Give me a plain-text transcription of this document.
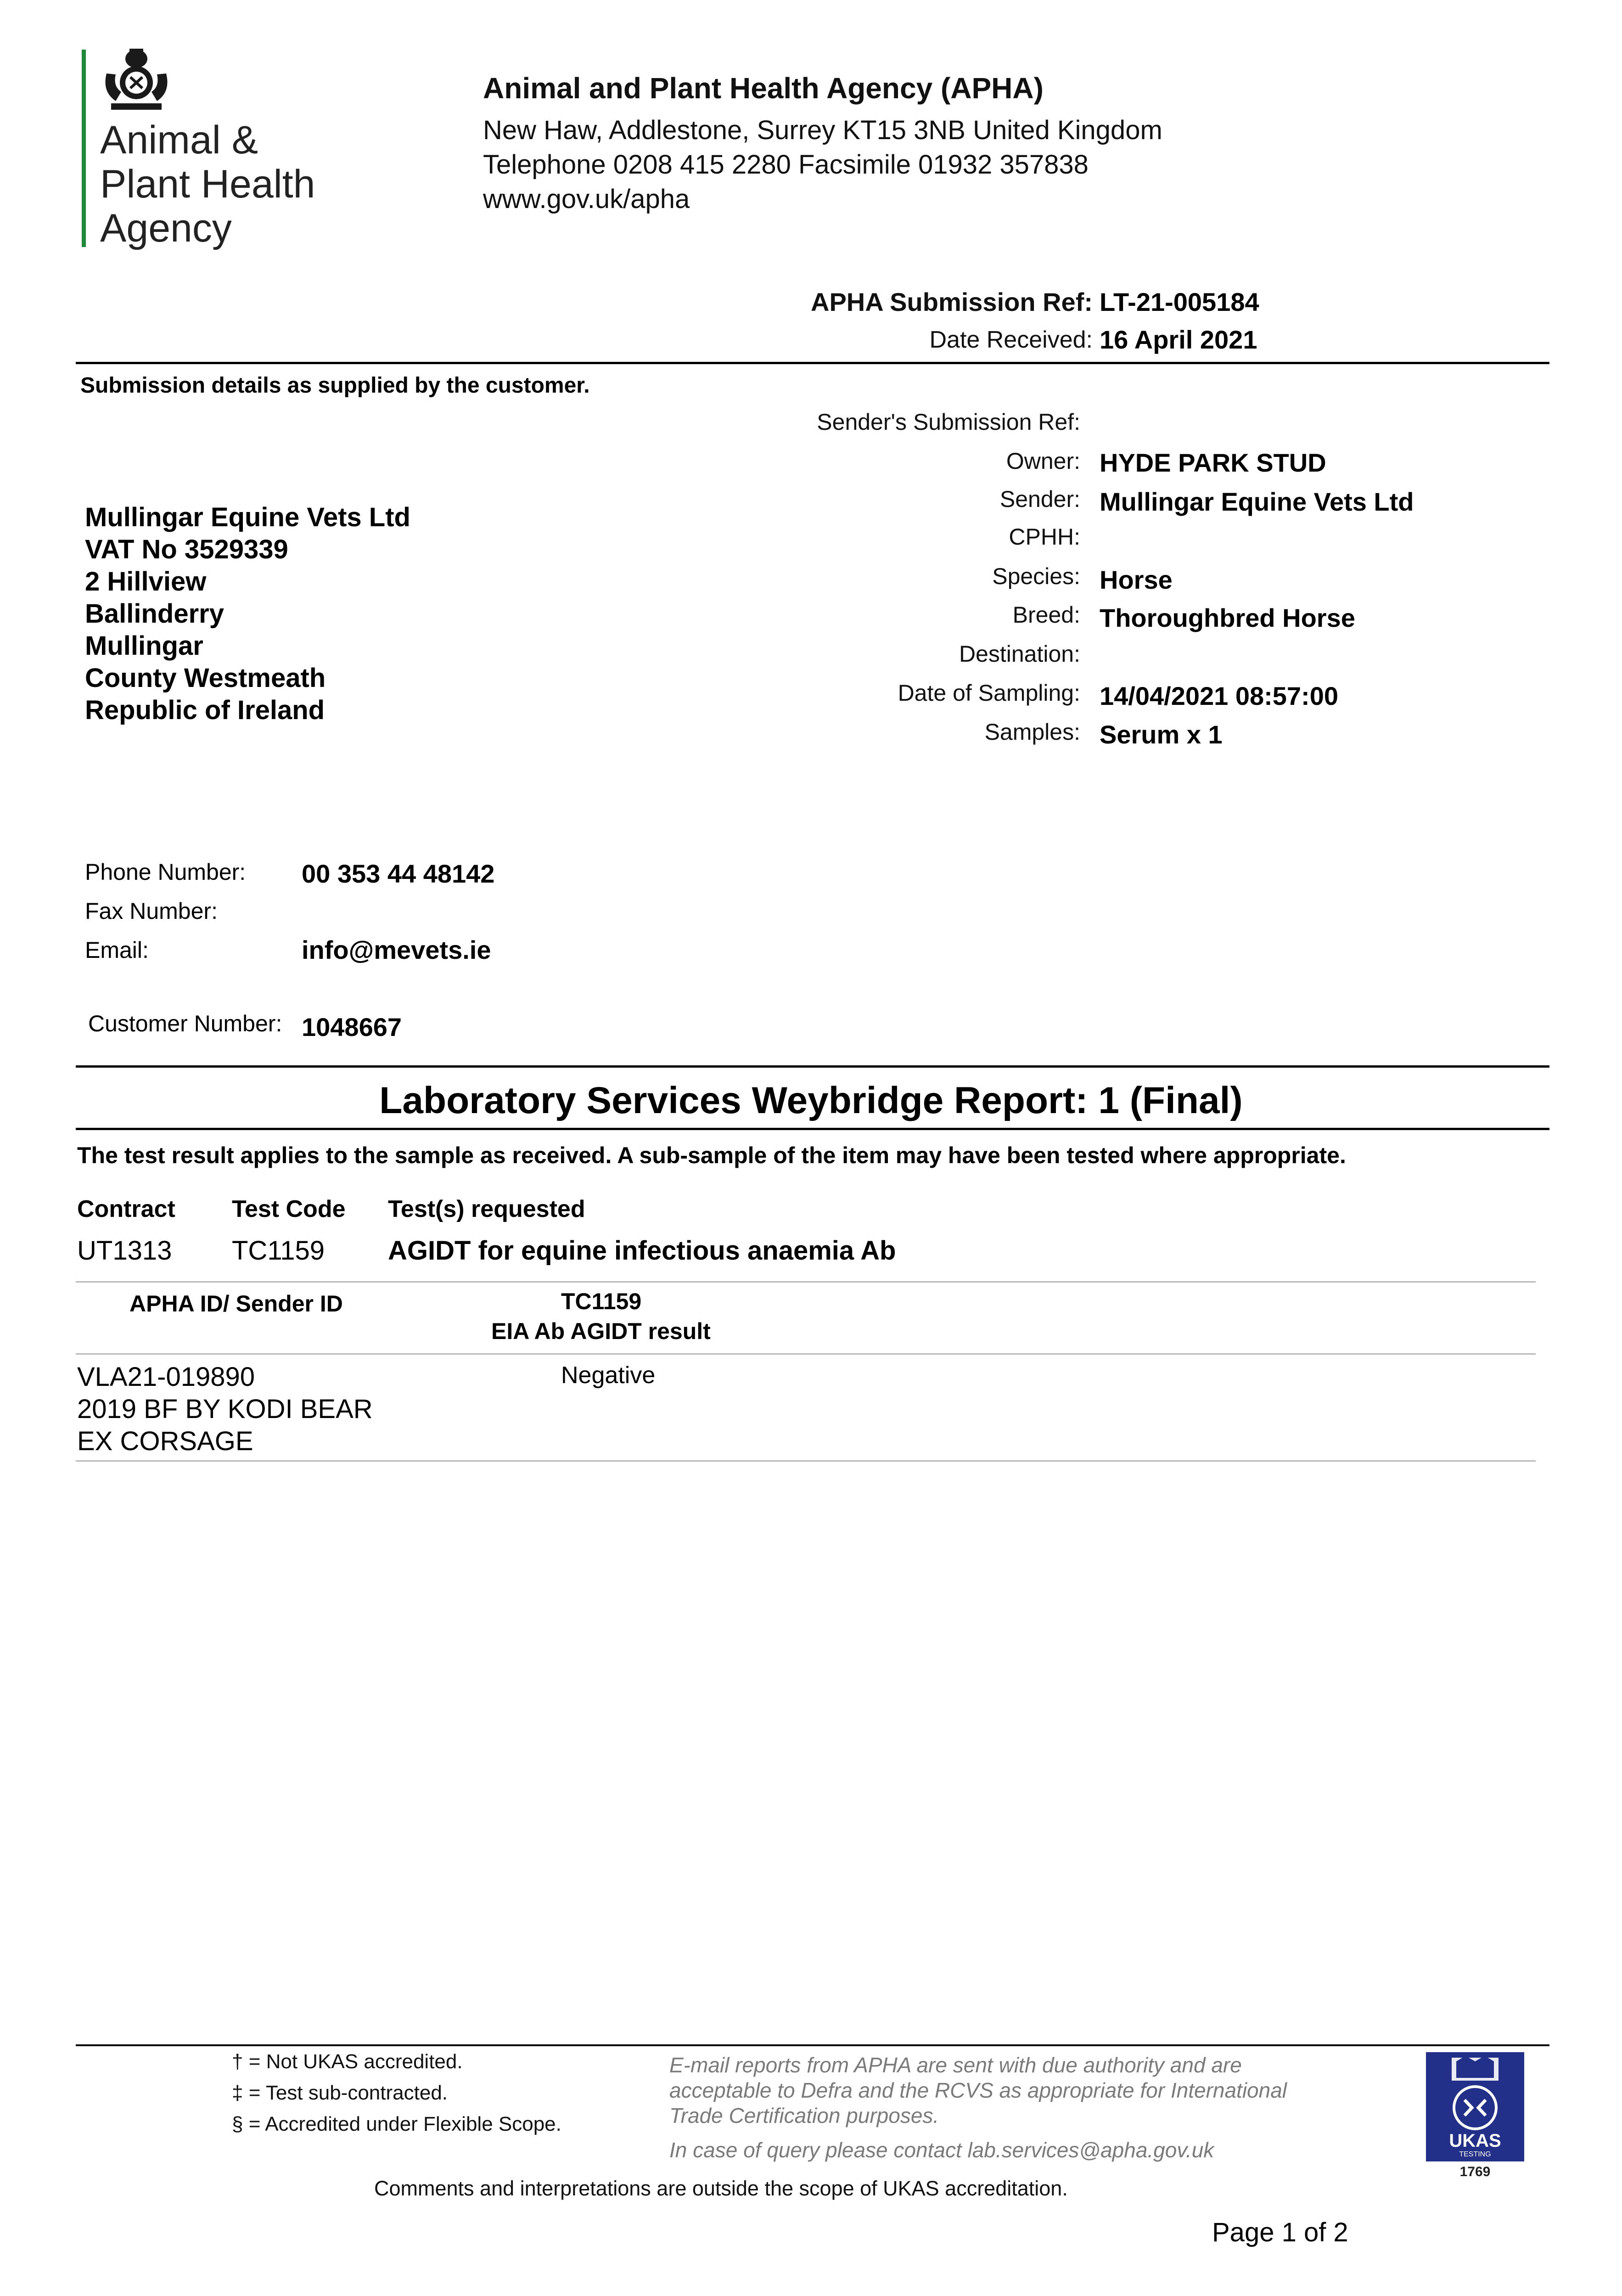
Animal &
Plant Health
Agency
Animal and Plant Health Agency (APHA)
New Haw, Addlestone, Surrey KT15 3NB United Kingdom
Telephone 0208 415 2280 Facsimile 01932 357838
www.gov.uk/apha
APHA Submission Ref: LT-21-005184
Date Received: 16 April 2021
Submission details as supplied by the customer.
Sender's Submission Ref:
Owner: HYDE PARK STUD
Sender: Mullingar Equine Vets Ltd
CPHH:
Species: Horse
Breed: Thoroughbred Horse
Destination:
Date of Sampling: 14/04/2021 08:57:00
Samples: Serum x 1
Mullingar Equine Vets Ltd
VAT No 3529339
2 Hillview
Ballinderry
Mullingar
County Westmeath
Republic of Ireland
Phone Number: 00 353 44 48142
Fax Number:
Email:	info@mevets.ie
Customer Number: 1048667
Laboratory Services Weybridge Report: 1 (Final)
The test result applies to the sample as received. A sub-sample of the item may have been tested where appropriate.
Contract Test Code Test(s) requested
UT1313 TC1159 AGIDT for equine infectious anaemia Ab
APHA ID/ Sender ID	TC1159
EIA Ab AGIDT result
VLA21-019890
2019 BF BY KODI BEAR
EX CORSAGE
Negative
† = Not UKAS accredited.
‡ = Test sub-contracted.
§ = Accredited under Flexible Scope.
E-mail reports from APHA are sent with due authority and are
acceptable to Defra and the RCVS as appropriate for International
Trade Certification purposes.
In case of query please contact lab.services@apha.gov.uk
Comments and interpretations are outside the scope of UKAS accreditation.
Page 1 of 2
UKAS
TESTING
1769
